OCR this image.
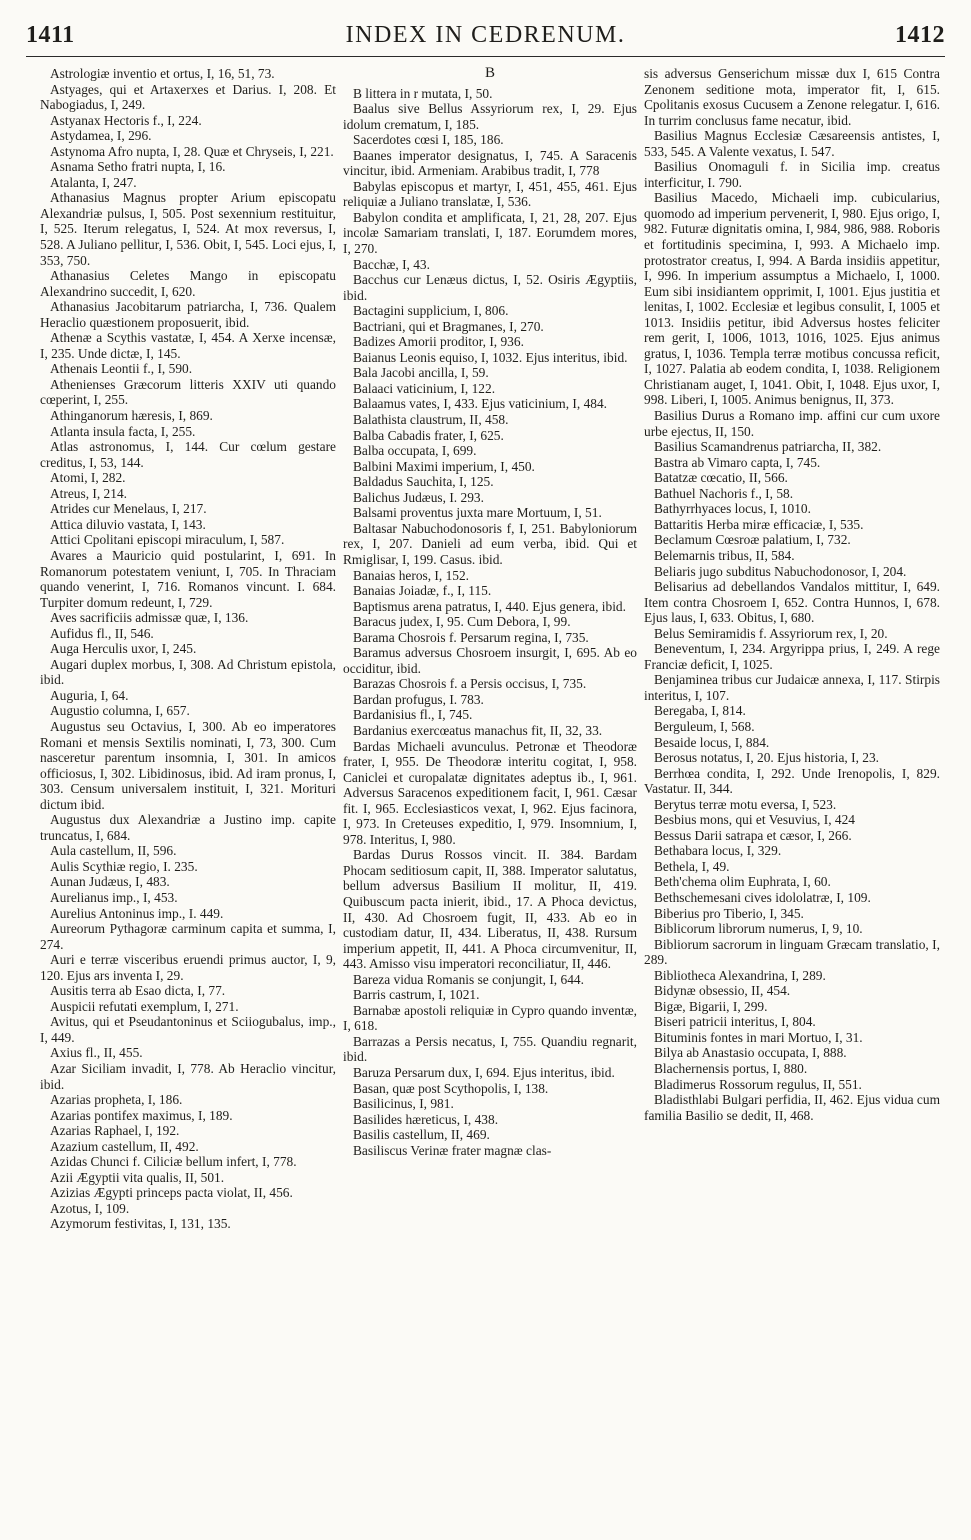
1411	INDEX IN CEDRENUM.	1412

Astrologiæ inventio et ortus, I, 16, 51, 73.

Astyages, qui et Artaxerxes et Darius. I, 208. Et Nabogiadus, I, 249.

Astyanax Hectoris f., I, 224.

Astydamea, I, 296.

Astynoma Afro nupta, I, 28. Quæ et Chryseis, I, 221.

Asnama Setho fratri nupta, I, 16.

Atalanta, I, 247.

Athanasius Magnus propter Arium episcopatu Alexandriæ pulsus, I, 505. Post sexennium restituitur, I, 525. Iterum relegatus, I, 524. At mox reversus, I, 528. A Juliano pellitur, I, 536. Obit, I, 545. Loci ejus, I, 353, 750.

Athanasius Celetes Mango in episcopatu Alexandrino succedit, I, 620.

Athanasius Jacobitarum patriarcha, I, 736. Qualem Heraclio quæstionem proposuerit, ibid.

Athenæ a Scythis vastatæ, I, 454. A Xerxe incensæ, I, 235. Unde dictæ, I, 145.

Athenais Leontii f., I, 590.

Athenienses Græcorum litteris XXIV uti quando cœperint, I, 255.

Athinganorum hæresis, I, 869.

Atlanta insula facta, I, 255.

Atlas astronomus, I, 144. Cur cœlum gestare creditus, I, 53, 144.

Atomi, I, 282.

Atreus, I, 214.

Atrides cur Menelaus, I, 217.

Attica diluvio vastata, I, 143.

Attici Cpolitani episcopi miraculum, I, 587.

Avares a Mauricio quid postularint, I, 691. In Romanorum potestatem veniunt, I, 705. In Thraciam quando venerint, I, 716. Romanos vincunt. I. 684. Turpiter domum redeunt, I, 729.

Aves sacrificiis admissæ quæ, I, 136.

Aufidus fl., II, 546.

Auga Herculis uxor, I, 245.

Augari duplex morbus, I, 308. Ad Christum epistola, ibid.

Auguria, I, 64.

Augustio columna, I, 657.

Augustus seu Octavius, I, 300. Ab eo imperatores Romani et mensis Sextilis nominati, I, 73, 300. Cum nasceretur parentum insomnia, I, 301. In amicos officiosus, I, 302. Libidinosus, ibid. Ad iram pronus, I, 303. Censum universalem instituit, I, 321. Morituri dictum ibid.

Augustus dux Alexandriæ a Justino imp. capite truncatus, I, 684.

Aula castellum, II, 596.

Aulis Scythiæ regio, I. 235.

Aunan Judæus, I, 483.

Aurelianus imp., I, 453.

Aurelius Antoninus imp., I. 449.

Aureorum Pythagoræ carminum capita et summa, I, 274.

Auri e terræ visceribus eruendi primus auctor, I, 9, 120. Ejus ars inventa I, 29.

Ausitis terra ab Esao dicta, I, 77.

Auspicii refutati exemplum, I, 271.

Avitus, qui et Pseudantoninus et Sciiogubalus, imp., I, 449.

Axius fl., II, 455.

Azar Siciliam invadit, I, 778. Ab Heraclio vincitur, ibid.

Azarias propheta, I, 186.

Azarias pontifex maximus, I, 189.

Azarias Raphael, I, 192.

Azazium castellum, II, 492.

Azidas Chunci f. Ciliciæ bellum infert, I, 778.

Azii Ægyptii vita qualis, II, 501.

Azizias Ægypti princeps pacta violat, II, 456.

Azotus, I, 109.

Azymorum festivitas, I, 131, 135.

B

B littera in r mutata, I, 50.

Baalus sive Bellus Assyriorum rex, I, 29. Ejus idolum crematum, I, 185.

Sacerdotes cœsi I, 185, 186.

Baanes imperator designatus, I, 745. A Saracenis vincitur, ibid. Armeniam. Arabibus tradit, I, 778

Babylas episcopus et martyr, I, 451, 455, 461. Ejus reliquiæ a Juliano translatæ, I, 536.

Babylon condita et amplificata, I, 21, 28, 207. Ejus incolæ Samariam translati, I, 187. Eorumdem mores, I, 270.

Bacchæ, I, 43.

Bacchus cur Lenæus dictus, I, 52. Osiris Ægyptiis, ibid.

Bactagini supplicium, I, 806.

Bactriani, qui et Bragmanes, I, 270.

Badizes Amorii proditor, I, 936.

Baianus Leonis equiso, I, 1032. Ejus interitus, ibid.

Bala Jacobi ancilla, I, 59.

Balaaci vaticinium, I, 122.

Balaamus vates, I, 433. Ejus vaticinium, I, 484.

Balathista claustrum, II, 458.

Balba Cabadis frater, I, 625.

Balba occupata, I, 699.

Balbini Maximi imperium, I, 450.

Baldadus Sauchita, I, 125.

Balichus Judæus, I. 293.

Balsami proventus juxta mare Mortuum, I, 51.

Baltasar Nabuchodonosoris f, I, 251. Babyloniorum rex, I, 207. Danieli ad eum verba, ibid. Qui et Rmiglisar, I, 199. Casus. ibid.

Banaias heros, I, 152.

Banaias Joiadæ, f., I, 115.

Baptismus arena patratus, I, 440. Ejus genera, ibid.

Baracus judex, I, 95. Cum Debora, I, 99.

Barama Chosrois f. Persarum regina, I, 735.

Baramus adversus Chosroem insurgit, I, 695. Ab eo occiditur, ibid.

Barazas Chosrois f. a Persis occisus, I, 735.

Bardan profugus, I. 783.

Bardanisius fl., I, 745.

Bardanius exercœatus manachus fit, II, 32, 33.

Bardas Michaeli avunculus. Petronæ et Theodoræ frater, I, 955. De Theodoræ interitu cogitat, I, 958. Caniclei et curopalatæ dignitates adeptus ib., I, 961. Adversus Saracenos expeditionem facit, I, 961. Cæsar fit. I, 965. Ecclesiasticos vexat, I, 962. Ejus facinora, I, 973. In Creteuses expeditio, I, 979. Insomnium, I, 978. Interitus, I, 980.

Bardas Durus Rossos vincit. II. 384. Bardam Phocam seditiosum capit, II, 388. Imperator salutatus, bellum adversus Basilium II molitur, II, 419. Quibuscum pacta inierit, ibid., 17. A Phoca devictus, II, 430. Ad Chosroem fugit, II, 433. Ab eo in custodiam datur, II, 434. Liberatus, II, 438. Rursum imperium appetit, II, 441. A Phoca circumvenitur, II, 443. Amisso visu imperatori reconciliatur, II, 446.

Bareza vidua Romanis se conjungit, I, 644.

Barris castrum, I, 1021.

Barnabæ apostoli reliquiæ in Cypro quando inventæ, I, 618.

Barrazas a Persis necatus, I, 755. Quandiu regnarit, ibid.

Baruza Persarum dux, I, 694. Ejus interitus, ibid.

Basan, quæ post Scythopolis, I, 138.

Basilicinus, I, 981.

Basilides hæreticus, I, 438.

Basilis castellum, II, 469.

Basiliscus Verinæ frater magnæ clas-

sis adversus Genserichum missæ dux I, 615 Contra Zenonem seditione mota, imperator fit, I, 615. Cpolitanis exosus Cucusem a Zenone relegatur. I, 616. In turrim conclusus fame necatur, ibid.

Basilius Magnus Ecclesiæ Cæsareensis antistes, I, 533, 545. A Valente vexatus, I. 547.

Basilius Onomaguli f. in Sicilia imp. creatus interficitur, I. 790.

Basilius Macedo, Michaeli imp. cubicularius, quomodo ad imperium pervenerit, I, 980. Ejus origo, I, 982. Futuræ dignitatis omina, I, 984, 986, 988. Roboris et fortitudinis specimina, I, 993. A Michaelo imp. protostrator creatus, I, 994. A Barda insidiis appetitur, I, 996. In imperium assumptus a Michaelo, I, 1000. Eum sibi insidiantem opprimit, I, 1001. Ejus justitia et lenitas, I, 1002. Ecclesiæ et legibus consulit, I, 1005 et 1013. Insidiis petitur, ibid Adversus hostes feliciter rem gerit, I, 1006, 1013, 1016, 1025. Ejus animus gratus, I, 1036. Templa terræ motibus concussa reficit, I, 1027. Palatia ab eodem condita, I, 1038. Religionem Christianam auget, I, 1041. Obit, I, 1048. Ejus uxor, I, 998. Liberi, I, 1005. Animus benignus, II, 373.

Basilius Durus a Romano imp. affini cur cum uxore urbe ejectus, II, 150.

Basilius Scamandrenus patriarcha, II, 382.

Bastra ab Vimaro capta, I, 745.

Batatzæ cœcatio, II, 566.

Bathuel Nachoris f., I, 58.

Bathyrrhyaces locus, I, 1010.

Battaritis Herba miræ efficaciæ, I, 535.

Beclamum Cœsroæ palatium, I, 732.

Belemarnis tribus, II, 584.

Beliaris jugo subditus Nabuchodonosor, I, 204.

Belisarius ad debellandos Vandalos mittitur, I, 649. Item contra Chosroem I, 652. Contra Hunnos, I, 678. Ejus laus, I, 633. Obitus, I, 680.

Belus Semiramidis f. Assyriorum rex, I, 20.

Beneventum, I, 234. Argyrippa prius, I, 249. A rege Franciæ deficit, I, 1025.

Benjaminea tribus cur Judaicæ annexa, I, 117. Stirpis interitus, I, 107.

Beregaba, I, 814.

Berguleum, I, 568.

Besaide locus, I, 884.

Berosus notatus, I, 20. Ejus historia, I, 23.

Berrhœa condita, I, 292. Unde Irenopolis, I, 829. Vastatur. II, 344.

Berytus terræ motu eversa, I, 523.

Besbius mons, qui et Vesuvius, I, 424

Bessus Darii satrapa et cæsor, I, 266.

Bethabara locus, I, 329.

Bethela, I, 49.

Beth'chema olim Euphrata, I, 60.

Bethschemesani cives idololatræ, I, 109.

Biberius pro Tiberio, I, 345.

Biblicorum librorum numerus, I, 9, 10.

Bibliorum sacrorum in linguam Græcam translatio, I, 289.

Bibliotheca Alexandrina, I, 289.

Bidynæ obsessio, II, 454.

Bigæ, Bigarii, I, 299.

Biseri patricii interitus, I, 804.

Bituminis fontes in mari Mortuo, I, 31.

Bilya ab Anastasio occupata, I, 888.

Blachernensis portus, I, 880.

Bladimerus Rossorum regulus, II, 551.

Bladisthlabi Bulgari perfidia, II, 462. Ejus vidua cum familia Basilio se dedit, II, 468.
